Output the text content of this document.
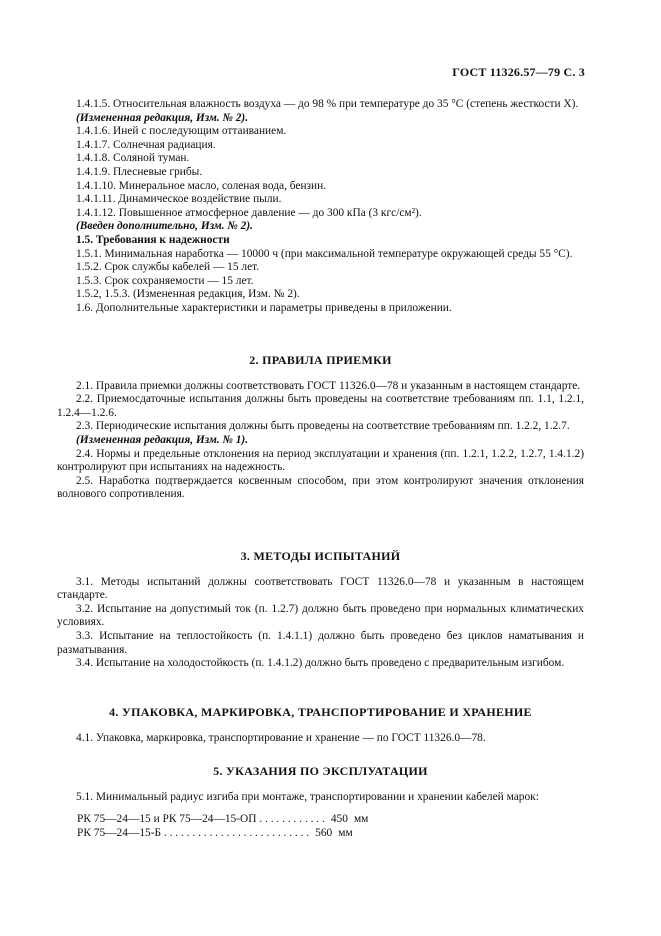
ГОСТ 11326.57—79 С. 3

1.4.1.5. Относительная влажность воздуха — до 98 % при температуре до 35 °С (степень жесткости X).

(Измененная редакция, Изм. № 2).

1.4.1.6. Иней с последующим оттаиванием.

1.4.1.7. Солнечная радиация.

1.4.1.8. Соляной туман.

1.4.1.9. Плесневые грибы.

1.4.1.10. Минеральное масло, соленая вода, бензин.

1.4.1.11. Динамическое воздействие пыли.

1.4.1.12. Повышенное атмосферное давление — до 300 кПа (3 кгс/см²).

(Введен дополнительно, Изм. № 2).

1.5. Требования к надежности

1.5.1. Минимальная наработка — 10000 ч (при максимальной температуре окружающей среды 55 °С).

1.5.2. Срок службы кабелей — 15 лет.

1.5.3. Срок сохраняемости — 15 лет.

1.5.2, 1.5.3. (Измененная редакция, Изм. № 2).

1.6. Дополнительные характеристики и параметры приведены в приложении.

2. ПРАВИЛА ПРИЕМКИ

2.1. Правила приемки должны соответствовать ГОСТ 11326.0—78 и указанным в настоящем стандарте.

2.2. Приемосдаточные испытания должны быть проведены на соответствие требованиям пп. 1.1, 1.2.1, 1.2.4—1.2.6.

2.3. Периодические испытания должны быть проведены на соответствие требованиям пп. 1.2.2, 1.2.7.

(Измененная редакция, Изм. № 1).

2.4. Нормы и предельные отклонения на период эксплуатации и хранения (пп. 1.2.1, 1.2.2, 1.2.7, 1.4.1.2) контролируют при испытаниях на надежность.

2.5. Наработка подтверждается косвенным способом, при этом контролируют значения отклонения волнового сопротивления.

3. МЕТОДЫ ИСПЫТАНИЙ

3.1. Методы испытаний должны соответствовать ГОСТ 11326.0—78 и указанным в настоящем стандарте.

3.2. Испытание на допустимый ток (п. 1.2.7) должно быть проведено при нормальных климатических условиях.

3.3. Испытание на теплостойкость (п. 1.4.1.1) должно быть проведено без циклов наматывания и разматывания.

3.4. Испытание на холодостойкость (п. 1.4.1.2) должно быть проведено с предварительным изгибом.

4. УПАКОВКА, МАРКИРОВКА, ТРАНСПОРТИРОВАНИЕ И ХРАНЕНИЕ

4.1. Упаковка, маркировка, транспортирование и хранение — по ГОСТ 11326.0—78.

5. УКАЗАНИЯ ПО ЭКСПЛУАТАЦИИ

5.1. Минимальный радиус изгиба при монтаже, транспортировании и хранении кабелей марок:

РК 75—24—15 и РК 75—24—15-ОП . . . . . . . . . . . . 450 мм
РК 75—24—15-Б . . . . . . . . . . . . . . . . . . . . . . . . . . 560 мм
